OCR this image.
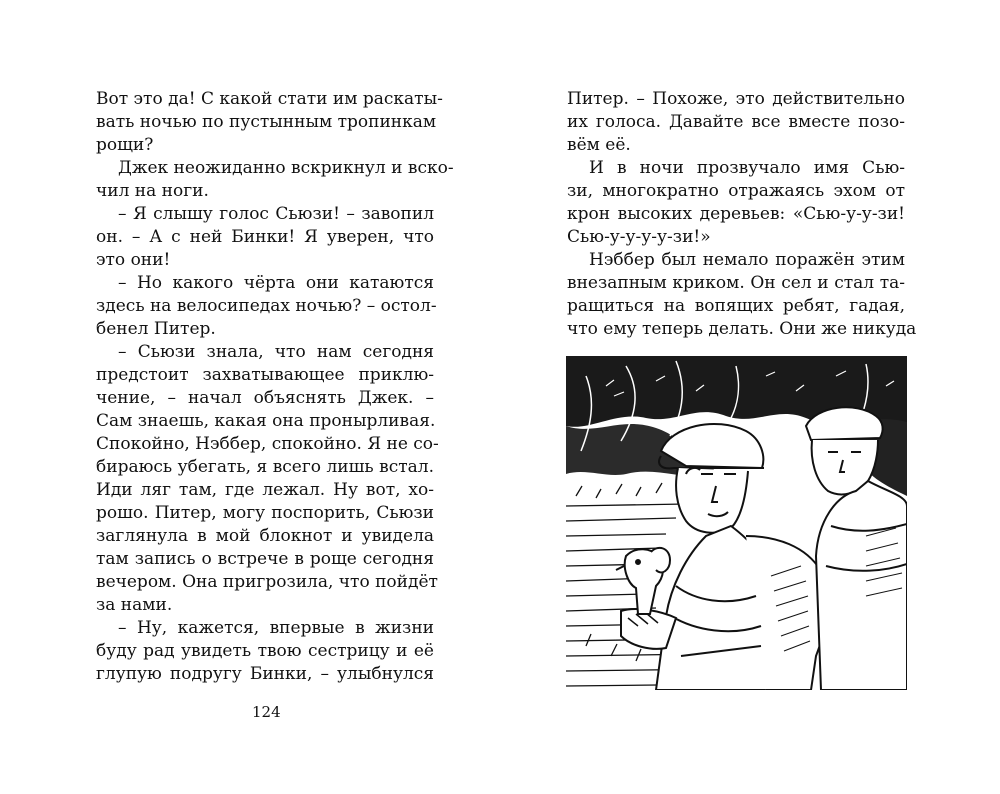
Вот это да! С какой стати им раскаты-
вать ночью по пустынным тропинкам
рощи?
Джек неожиданно вскрикнул и вско-
чил на ноги.
– Я слышу голос Сьюзи! – завопил
он. – А с ней Бинки! Я уверен, что
это они!
– Но какого чёрта они катаются
здесь на велосипедах ночью? – остол-
бенел Питер.
– Сьюзи знала, что нам сегодня
предстоит захватывающее приклю-
чение, – начал объяснять Джек. –
Сам знаешь, какая она пронырливая.
Спокойно, Нэббер, спокойно. Я не со-
бираюсь убегать, я всего лишь встал.
Иди ляг там, где лежал. Ну вот, хо-
рошо. Питер, могу поспорить, Сьюзи
заглянула в мой блокнот и увидела
там запись о встрече в роще сегодня
вечером. Она пригрозила, что пойдёт
за нами.
– Ну, кажется, впервые в жизни
буду рад увидеть твою сестрицу и её
глупую подругу Бинки, – улыбнулся
Питер. – Похоже, это действительно
их голоса. Давайте все вместе позо-
вём её.
И в ночи прозвучало имя Сью-
зи, многократно отражаясь эхом от
крон высоких деревьев: «Сью-у-у-зи!
Сью-у-у-у-у-зи!»
Нэббер был немало поражён этим
внезапным криком. Он сел и стал та-
ращиться на вопящих ребят, гадая,
что ему теперь делать. Они же никуда
124
